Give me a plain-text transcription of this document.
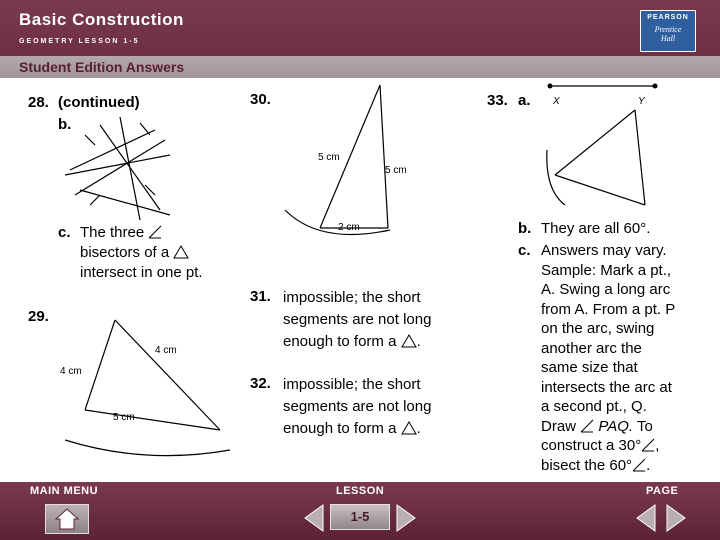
Basic Construction
GEOMETRY LESSON 1-5
PEARSON
Prentice
Hall
Student Edition Answers
28. (continued)
b.
c. The three
bisectors of a
intersect in one pt.
29.
4 cm
4 cm
5 cm
30.
5 cm
5 cm
2 cm
31. impossible; the short
segments are not long
enough to form a .
32. impossible; the short
segments are not long
enough to form a .
33. a. X	Y
b. They are all 60°.
c. Answers may vary.
Sample: Mark a pt.,
A. Swing a long arc
from A. From a pt. P
on the arc, swing
another arc the
same size that
intersects the arc at
a second pt., Q.
Draw PAQ. To
construct a 30° ,
bisect the 60° .
MAIN MENU	LESSON	PAGE
1-5
